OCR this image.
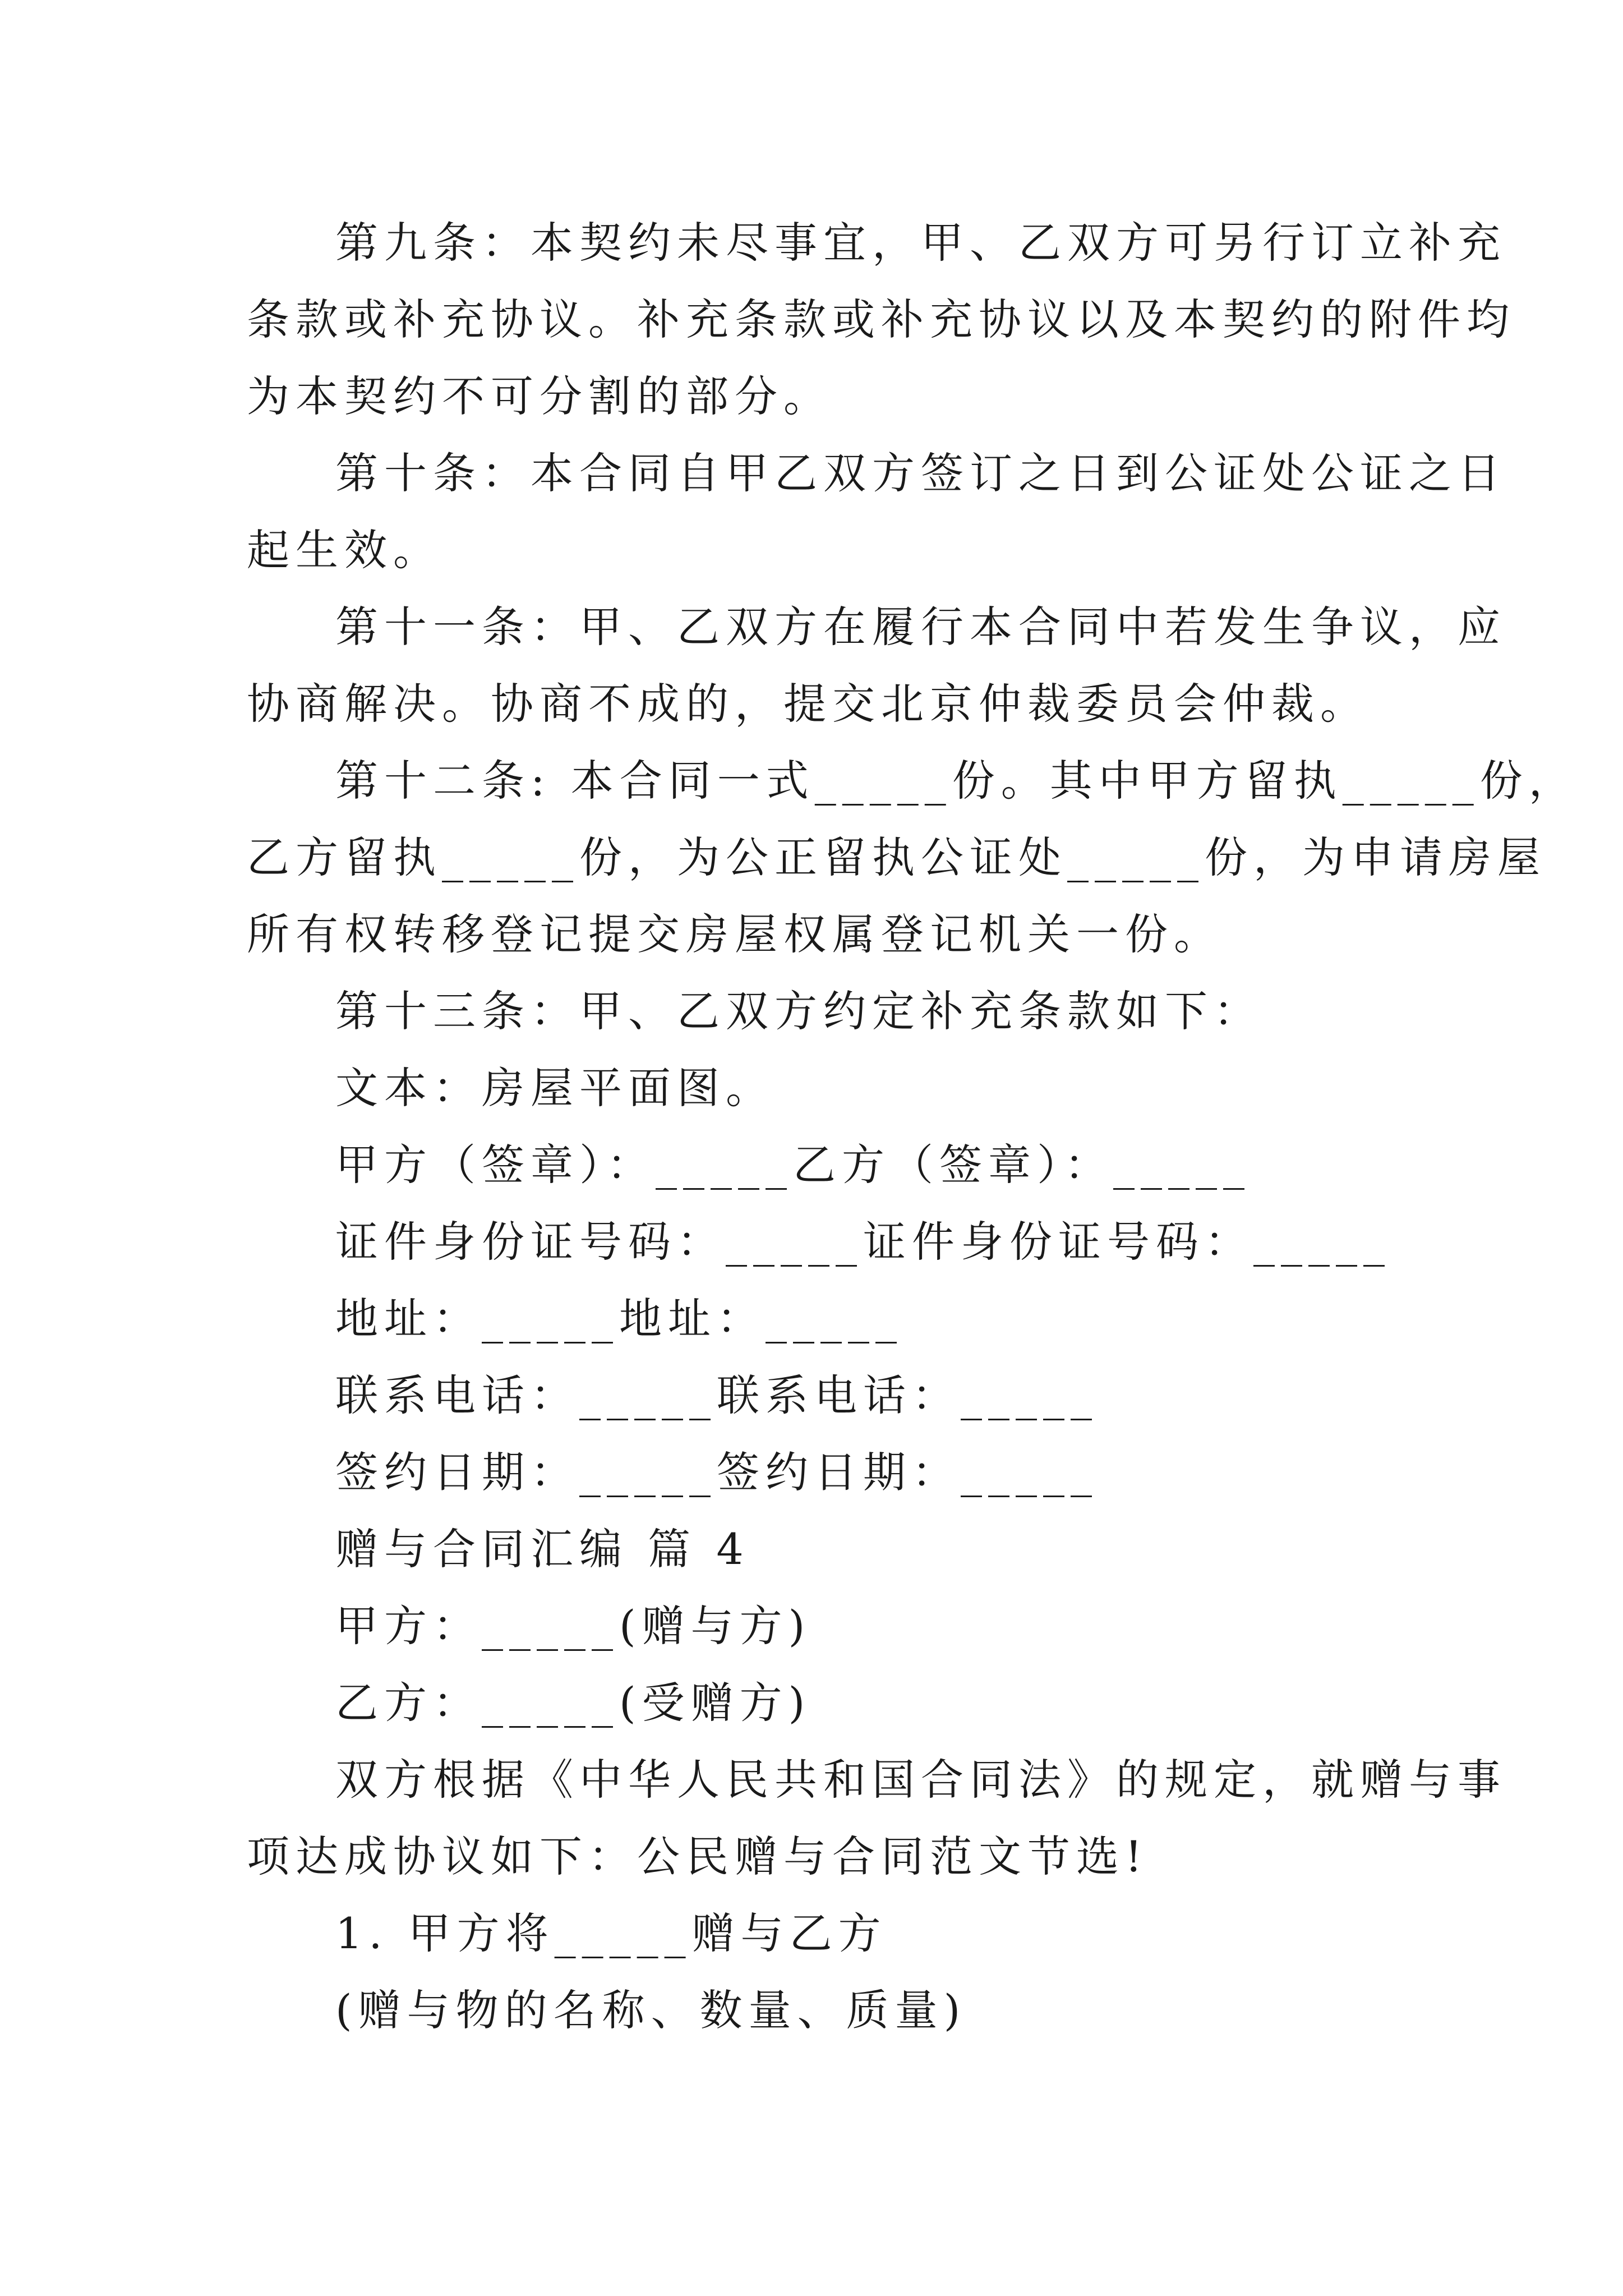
第九条：本契约未尽事宜，甲、乙双方可另行订立补充
条款或补充协议。补充条款或补充协议以及本契约的附件均
为本契约不可分割的部分。
第十条：本合同自甲乙双方签订之日到公证处公证之日
起生效。
第十一条：甲、乙双方在履行本合同中若发生争议，应
协商解决。协商不成的，提交北京仲裁委员会仲裁。
第十二条: 本合同一式_____份。其中甲方留执_____份，
乙方留执_____份，为公正留执公证处_____份，为申请房屋
所有权转移登记提交房屋权属登记机关一份。
第十三条：甲、乙双方约定补充条款如下：
文本：房屋平面图。
甲方（签章）：_____乙方（签章）：_____
证件身份证号码：_____证件身份证号码：_____
地址：_____地址：_____
联系电话：_____联系电话：_____
签约日期：_____签约日期：_____
赠与合同汇编 篇 4
甲方：_____(赠与方)
乙方：_____(受赠方)
双方根据《中华人民共和国合同法》的规定，就赠与事
项达成协议如下：公民赠与合同范文节选!
1. 甲方将_____赠与乙方
(赠与物的名称、数量、质量)
